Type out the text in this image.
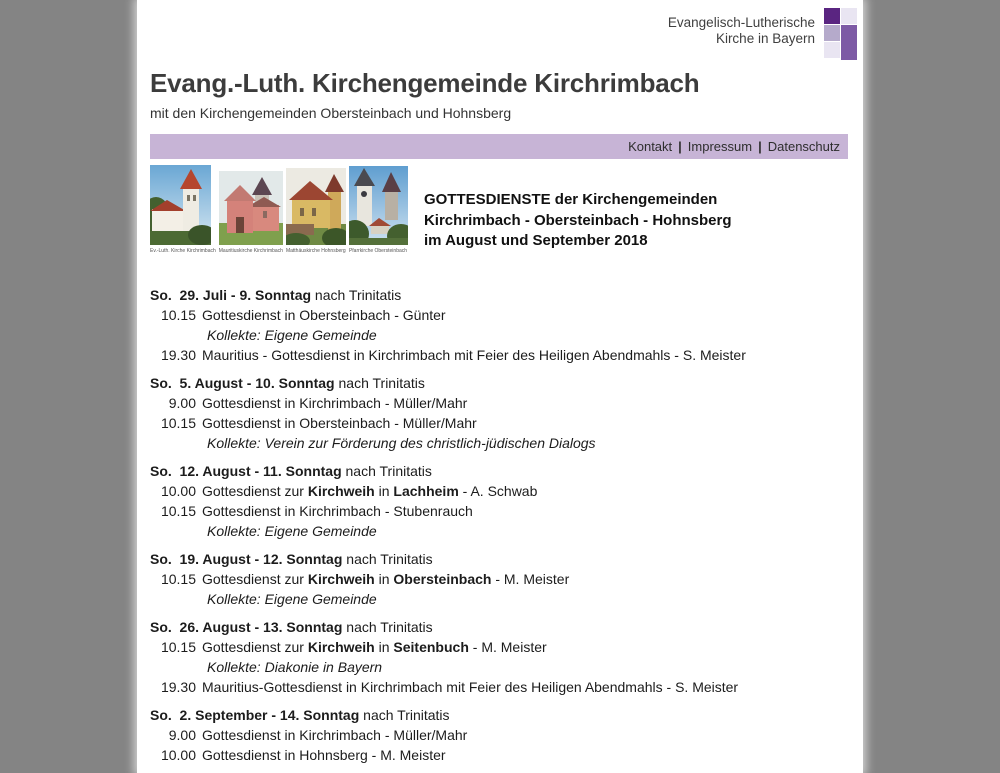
Evangelisch-Lutherische
Kirche in Bayern
Evang.-Luth. Kirchengemeinde Kirchrimbach
mit den Kirchengemeinden Obersteinbach und Hohnsberg
Kontakt | Impressum | Datenschutz
Ev.-Luth. Kirche Kirchrimbach Mauritiuskirche Kirchrimbach Matthäuskirche Hohnsberg Pfarrkirche Obersteinbach
GOTTESDIENSTE der Kirchengemeinden
Kirchrimbach - Obersteinbach - Hohnsberg
im August und September 2018
So.  29. Juli - 9. Sonntag nach Trinitatis
10.15 Gottesdienst in Obersteinbach - Günter
Kollekte: Eigene Gemeinde
19.30 Mauritius - Gottesdienst in Kirchrimbach mit Feier des Heiligen Abendmahls - S. Meister
So.  5. August - 10. Sonntag nach Trinitatis
9.00 Gottesdienst in Kirchrimbach - Müller/Mahr
10.15 Gottesdienst in Obersteinbach - Müller/Mahr
Kollekte: Verein zur Förderung des christlich-jüdischen Dialogs
So.  12. August - 11. Sonntag nach Trinitatis
10.00 Gottesdienst zur Kirchweih in Lachheim - A. Schwab
10.15 Gottesdienst in Kirchrimbach - Stubenrauch
Kollekte: Eigene Gemeinde
So.  19. August - 12. Sonntag nach Trinitatis
10.15 Gottesdienst zur Kirchweih in Obersteinbach - M. Meister
Kollekte: Eigene Gemeinde
So.  26. August - 13. Sonntag nach Trinitatis
10.15 Gottesdienst zur Kirchweih in Seitenbuch - M. Meister
Kollekte: Diakonie in Bayern
19.30 Mauritius-Gottesdienst in Kirchrimbach mit Feier des Heiligen Abendmahls - S. Meister
So.  2. September - 14. Sonntag nach Trinitatis
9.00 Gottesdienst in Kirchrimbach - Müller/Mahr
10.00 Gottesdienst in Hohnsberg - M. Meister
